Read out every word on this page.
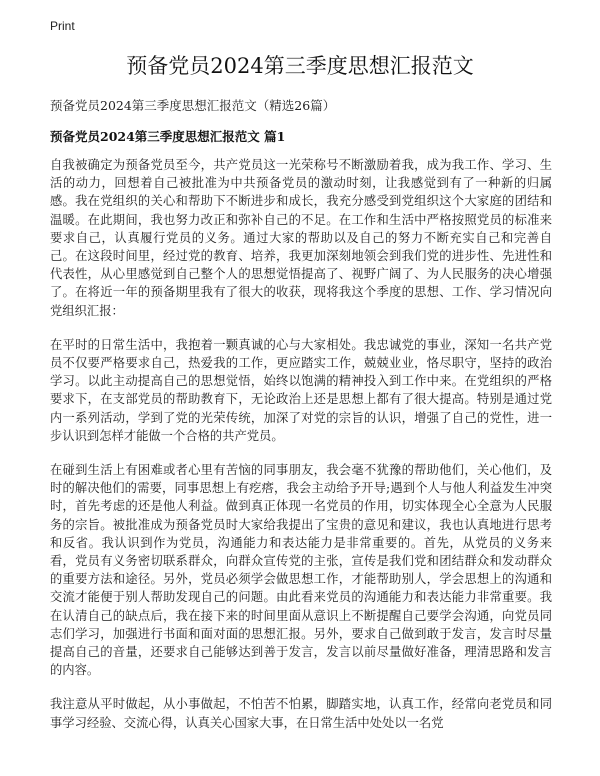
Print
预备党员2024第三季度思想汇报范文

预备党员2024第三季度思想汇报范文（精选26篇）

预备党员2024第三季度思想汇报范文 篇1

自我被确定为预备党员至今，共产党员这一光荣称号不断激励着我，成为我工作、学习、生活的动力，回想着自己被批准为中共预备党员的激动时刻，让我感觉到有了一种新的归属感。我在党组织的关心和帮助下不断进步和成长，我充分感受到党组织这个大家庭的团结和温暖。在此期间，我也努力改正和弥补自己的不足。在工作和生活中严格按照党员的标准来要求自己，认真履行党员的义务。通过大家的帮助以及自己的努力不断充实自己和完善自己。在这段时间里，经过党的教育、培养，我更加深刻地领会到我们党的进步性、先进性和代表性，从心里感觉到自己整个人的思想觉悟提高了、视野广阔了、为人民服务的决心增强了。在将近一年的预备期里我有了很大的收获，现将我这个季度的思想、工作、学习情况向党组织汇报：

在平时的日常生活中，我抱着一颗真诚的心与大家相处。我忠诚党的事业，深知一名共产党员不仅要严格要求自己，热爱我的工作，更应踏实工作，兢兢业业，恪尽职守，坚持的政治学习。以此主动提高自己的思想觉悟，始终以饱满的精神投入到工作中来。在党组织的严格要求下，在支部党员的帮助教育下，无论政治上还是思想上都有了很大提高。特别是通过党内一系列活动，学到了党的光荣传统，加深了对党的宗旨的认识，增强了自己的党性，进一步认识到怎样才能做一个合格的共产党员。

在碰到生活上有困难或者心里有苦恼的同事朋友，我会毫不犹豫的帮助他们，关心他们，及时的解决他们的需要，同事思想上有疙瘩，我会主动给予开导;遇到个人与他人利益发生冲突时，首先考虑的还是他人利益。做到真正体现一名党员的作用，切实体现全心全意为人民服务的宗旨。被批准成为预备党员时大家给我提出了宝贵的意见和建议，我也认真地进行思考和反省。我认识到作为党员，沟通能力和表达能力是非常重要的。首先，从党员的义务来看，党员有义务密切联系群众，向群众宣传党的主张，宣传是我们党和团结群众和发动群众的重要方法和途径。另外，党员必须学会做思想工作，才能帮助别人，学会思想上的沟通和交流才能便于别人帮助发现自己的问题。由此看来党员的沟通能力和表达能力非常重要。我在认清自己的缺点后，我在接下来的时间里面从意识上不断提醒自己要学会沟通，向党员同志们学习，加强进行书面和面对面的思想汇报。另外，要求自己做到敢于发言，发言时尽量提高自己的音量，还要求自己能够达到善于发言，发言以前尽量做好准备，理清思路和发言的内容。

我注意从平时做起，从小事做起，不怕苦不怕累，脚踏实地，认真工作，经常向老党员和同事学习经验、交流心得，认真关心国家大事，在日常生活中处处以一名党
